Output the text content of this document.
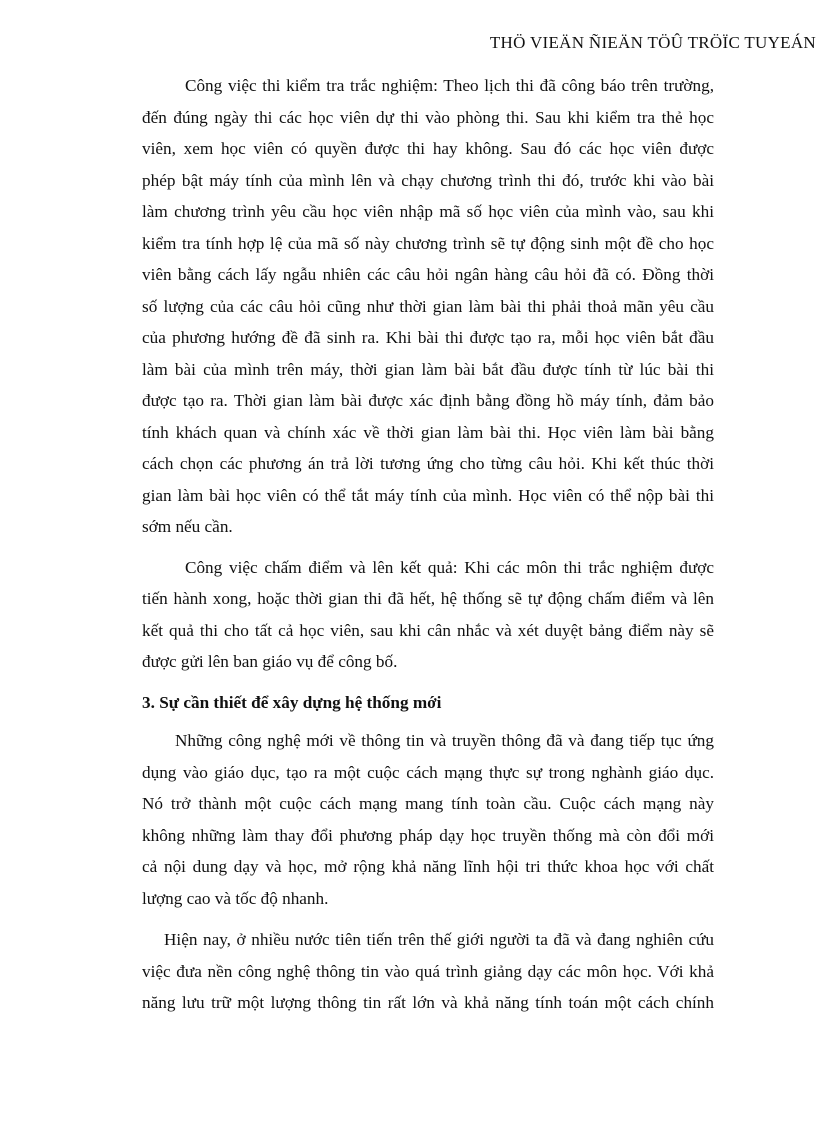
THÖ VIEÄN ÑIEÄN TÖÛ TRÖÏC TUYEÁN
Công việc thi kiểm tra trắc nghiệm: Theo lịch thi đã công báo trên trường,
đến đúng ngày thi các học viên dự thi vào phòng thi. Sau khi kiểm tra thẻ học
viên, xem học viên có quyền được thi hay không. Sau đó các học viên được
phép bật máy tính của mình lên và chạy chương trình thi đó, trước khi vào bài
làm chương trình yêu cầu học viên nhập mã số học viên của mình vào, sau khi
kiểm tra tính hợp lệ của mã số này chương trình sẽ tự động sinh một đề cho học
viên bằng cách lấy ngẫu nhiên các câu hỏi ngân hàng câu hỏi đã có. Đồng thời
số lượng của các câu hỏi cũng như thời gian làm bài thi phải thoả mãn yêu cầu
của phương hướng đề đã sinh ra. Khi bài thi được tạo ra, mỗi học viên bắt đầu
làm bài của mình trên máy, thời gian làm bài bắt đầu được tính từ lúc bài thi
được tạo ra. Thời gian làm bài được xác định bằng đồng hồ máy tính, đảm bảo
tính khách quan và chính xác về thời gian làm bài thi. Học viên làm bài bằng
cách chọn các phương án trả lời tương ứng cho từng câu hỏi. Khi kết thúc thời
gian làm bài học viên có thể tắt máy tính của mình. Học viên có thể nộp bài thi
sớm nếu cần.
Công việc chấm điểm và lên kết quả: Khi các môn thi trắc nghiệm được
tiến hành xong, hoặc thời gian thi đã hết, hệ thống sẽ tự động chấm điểm và lên
kết quả thi cho tất cả học viên, sau khi cân nhắc và xét duyệt bảng điểm này sẽ
được gửi lên ban giáo vụ để công bố.
3. Sự cần thiết để xây dựng hệ thống mới
Những công nghệ mới về thông tin và truyền thông đã và đang tiếp tục ứng
dụng vào giáo dục, tạo ra một cuộc cách mạng thực sự trong nghành giáo dục.
Nó trở thành một cuộc cách mạng mang tính toàn cầu. Cuộc cách mạng này
không những làm thay đổi phương pháp dạy học truyền thống mà còn đổi mới
cả nội dung dạy và học, mở rộng khả năng lĩnh hội tri thức khoa học với chất
lượng cao và tốc độ nhanh.
Hiện nay, ở nhiều nước tiên tiến trên thế giới người ta đã và đang nghiên cứu
việc đưa nền công nghệ thông tin vào quá trình giảng dạy các môn học. Với khả
năng lưu trữ một lượng thông tin rất lớn và khả năng tính toán một cách chính
